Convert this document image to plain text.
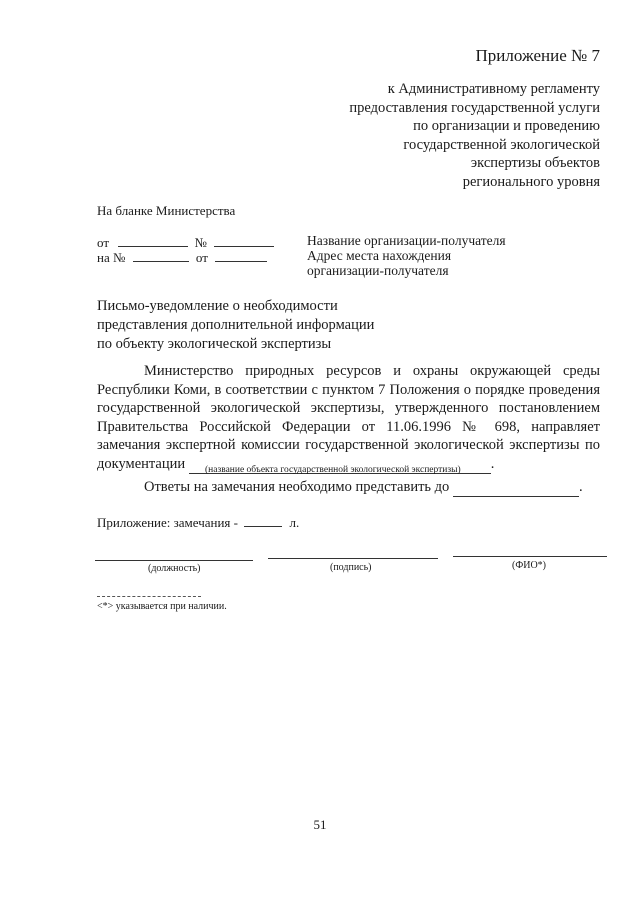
Приложение № 7
к Административному регламенту
предоставления государственной услуги
по организации и проведению
государственной экологической
экспертизы объектов
регионального уровня
На бланке Министерства
от	№
на №	от
Название организации-получателя
Адрес места нахождения
организации-получателя
Письмо-уведомление о необходимости
представления дополнительной информации
по объекту экологической экспертизы
Министерство природных ресурсов и охраны окружающей среды Республики Коми, в соответствии с пунктом 7 Положения о порядке проведения государственной экологической экспертизы, утвержденного постановлением Правительства Российской Федерации от 11.06.1996 № 698, направляет замечания экспертной комиссии государственной экологической экспертизы по документации	.
(название объекта государственной экологической экспертизы)
Ответы на замечания необходимо представить до	.
Приложение: замечания -	л.
(должность)	(подпись)	(ФИО*)
<*> указывается при наличии.
51
